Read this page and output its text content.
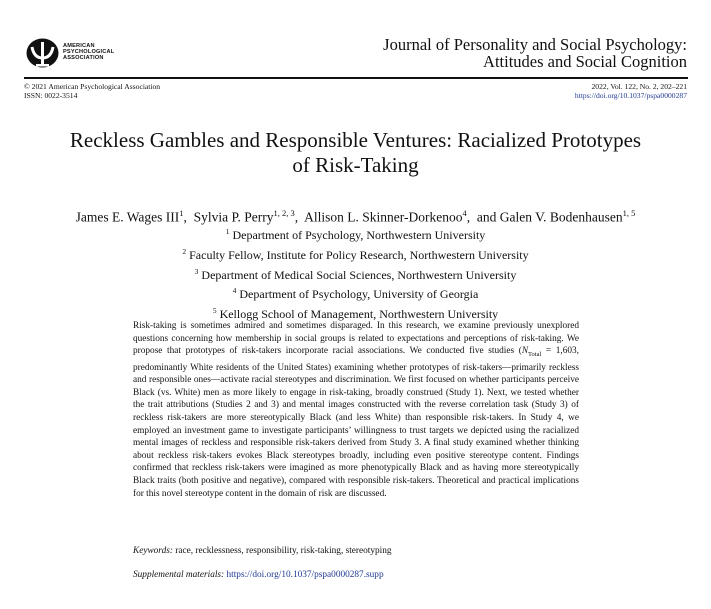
AMERICAN
PSYCHOLOGICAL
ASSOCIATION
Journal of Personality and Social Psychology:
Attitudes and Social Cognition
© 2021 American Psychological Association
ISSN: 0022-3514
2022, Vol. 122, No. 2, 202–221
https://doi.org/10.1037/pspa0000287
Reckless Gambles and Responsible Ventures: Racialized Prototypes
of Risk-Taking
James E. Wages III$^1$,  Sylvia P. Perry$^{1, 2, 3}$,  Allison L. Skinner-Dorkenoo$^4$,  and Galen V. Bodenhausen$^{1, 5}$
$^1$ Department of Psychology, Northwestern University
$^2$ Faculty Fellow, Institute for Policy Research, Northwestern University
$^3$ Department of Medical Social Sciences, Northwestern University
$^4$ Department of Psychology, University of Georgia
$^5$ Kellogg School of Management, Northwestern University
Risk-taking is sometimes admired and sometimes disparaged. In this research, we examine previously unexplored questions concerning how membership in social groups is related to expectations and perceptions of risk-taking. We propose that prototypes of risk-takers incorporate racial associations. We conducted five studies ($N_{Total} = 1,603$, predominantly White residents of the United States) examining whether prototypes of risk-takers—primarily reckless and responsible ones—activate racial stereotypes and discrimination. We first focused on whether participants perceive Black (vs. White) men as more likely to engage in risk-taking, broadly construed (Study 1). Next, we tested whether the trait attributions (Studies 2 and 3) and mental images constructed with the reverse correlation task (Study 3) of reckless risk-takers are more stereotypically Black (and less White) than responsible risk-takers. In Study 4, we employed an investment game to investigate participants’ willingness to trust targets we depicted using the racialized mental images of reckless and responsible risk-takers derived from Study 3. A final study examined whether thinking about reckless risk-takers evokes Black stereotypes broadly, including even positive stereotype content. Findings confirmed that reckless risk-takers were imagined as more phenotypically Black and as having more stereotypically Black traits (both positive and negative), compared with responsible risk-takers. Theoretical and practical implications for this novel stereotype content in the domain of risk are discussed.
Keywords: race, recklessness, responsibility, risk-taking, stereotyping
Supplemental materials: https://doi.org/10.1037/pspa0000287.supp
